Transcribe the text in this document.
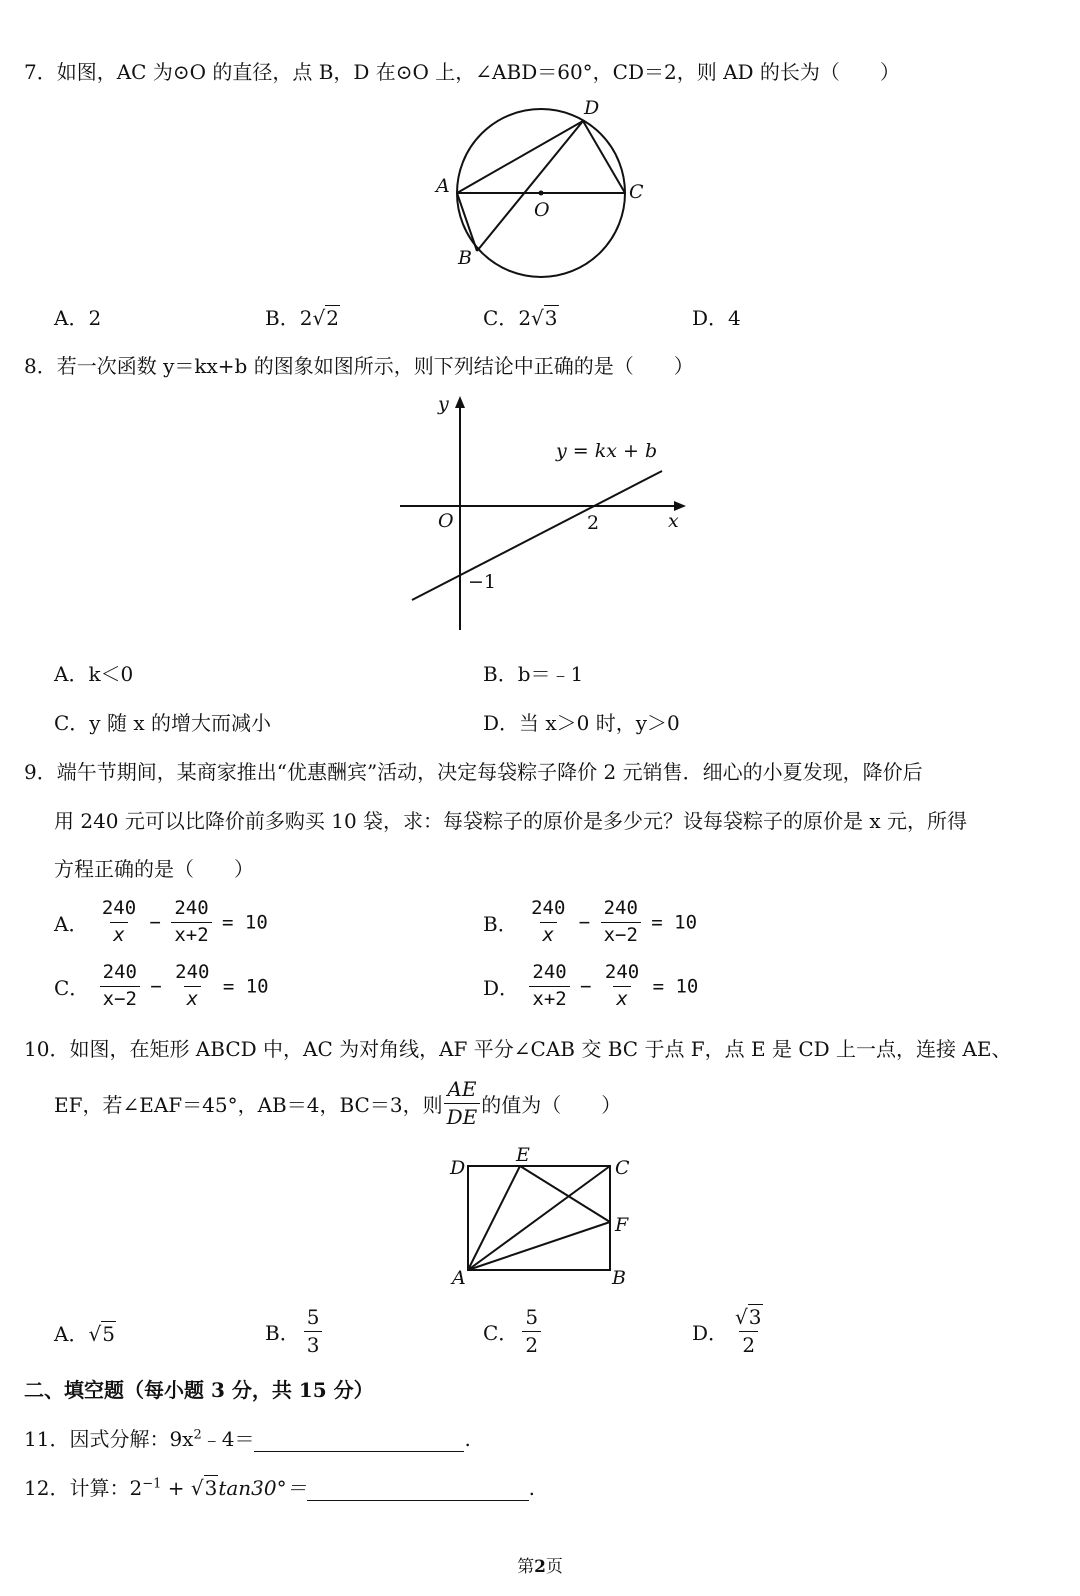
7．如图，AC 为⊙O 的直径，点 B，D 在⊙O 上，∠ABD＝60°，CD＝2，则 AD 的长为（　　）
D
A	C
O
B
A．2	B．2√2	C．2√3	D．4
8．若一次函数 y＝kx+b 的图象如图所示，则下列结论中正确的是（　　）
y
x
O	2
−1
y = kx + b
A．k＜0	B．b＝﹣1
C．y 随 x 的增大而减小	D．当 x＞0 时，y＞0
9．端午节期间，某商家推出“优惠酬宾”活动，决定每袋粽子降价 2 元销售．细心的小夏发现，降价后
用 240 元可以比降价前多购买 10 袋，求：每袋粽子的原价是多少元？设每袋粽子的原价是 x 元，所得
方程正确的是（　　）
A． $\frac{240}{x} - \frac{240}{x+2} = 10$	B． $\frac{240}{x} - \frac{240}{x-2} = 10$
C． $\frac{240}{x-2} - \frac{240}{x} = 10$	D． $\frac{240}{x+2} - \frac{240}{x} = 10$
10．如图，在矩形 ABCD 中，AC 为对角线，AF 平分∠CAB 交 BC 于点 F，点 E 是 CD 上一点，连接 AE、
EF，若∠EAF＝45°，AB＝4，BC＝3，则 $\frac{AE}{DE}$ 的值为（　　）
D
E
C
F
A	B
A．√5	B． $\frac{5}{3}$	C． $\frac{5}{2}$	D． $\frac{√3}{2}$
二、填空题（每小题 3 分，共 15 分）
11．因式分解：$9x^2﹣4=$	.
12．计算：$2^{-1} + √3\tan 30^\circ=$	.
第2页
